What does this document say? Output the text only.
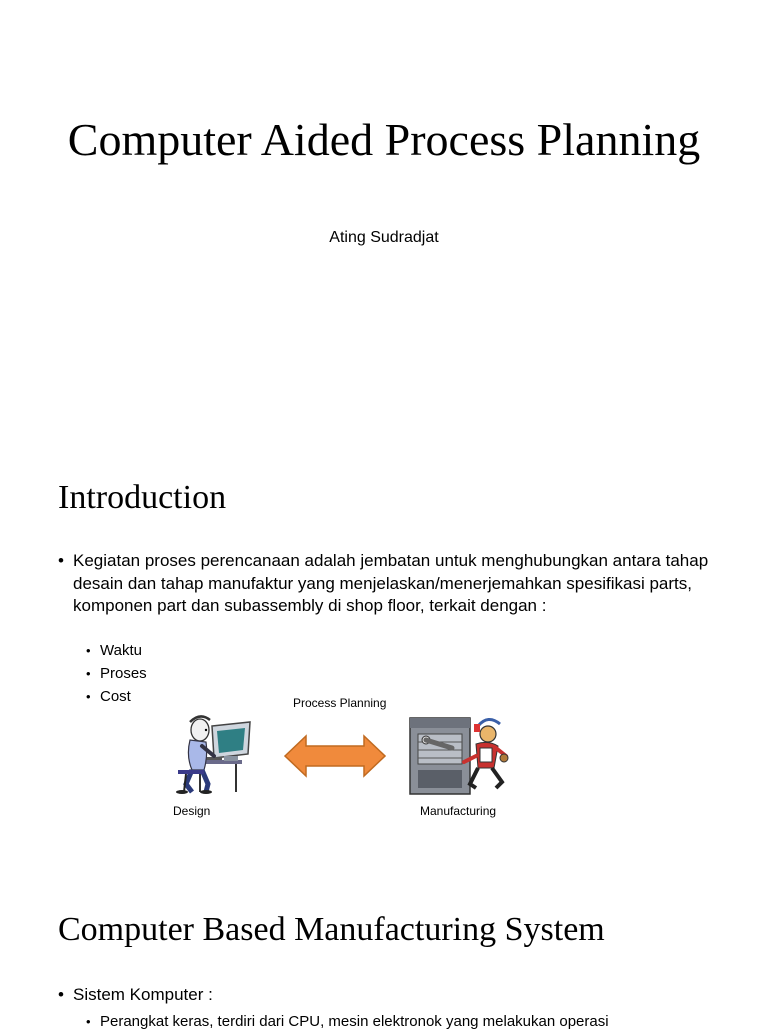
Computer Aided Process Planning
Ating Sudradjat
Introduction
• Kegiatan proses perencanaan adalah jembatan untuk menghubungkan antara tahap desain dan tahap manufaktur yang menjelaskan/menerjemahkan spesifikasi parts, komponen part dan subassembly di shop floor, terkait dengan :
• Waktu
• Proses
• Cost	Process Planning
Design	Manufacturing
Computer Based Manufacturing System
• Sistem Komputer :
• Perangkat keras, terdiri dari CPU, mesin elektronok yang melakukan operasi
